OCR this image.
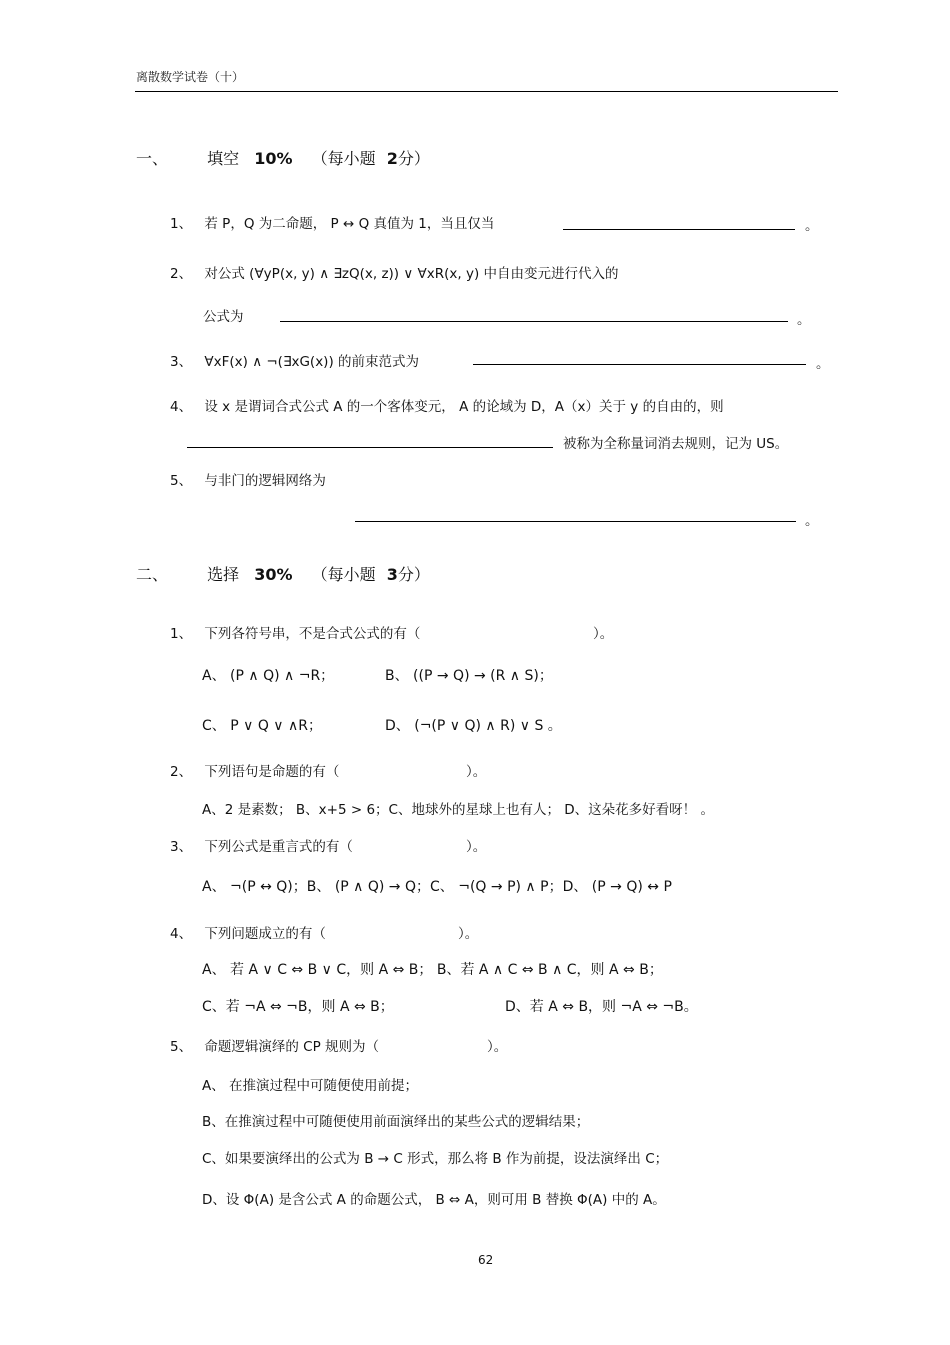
离散数学试卷（十）
一、 填空 10% （每小题 2分）
1、 若 P，Q 为二命题， P ↔ Q 真值为 1，当且仅当	。
2、 对公式 (∀yP(x, y) ∧ ∃zQ(x, z)) ∨ ∀xR(x, y) 中自由变元进行代入的
公式为	。
3、 ∀xF(x) ∧ ¬(∃xG(x)) 的前束范式为	。
4、 设 x 是谓词合式公式 A 的一个客体变元， A 的论域为 D，A（x）关于 y 的自由的，则
被称为全称量词消去规则，记为 US。
5、 与非门的逻辑网络为
。
二、 选择 30% （每小题 3分）
1、 下列各符号串，不是合式公式的有（	）。
A、 (P ∧ Q) ∧ ¬R；	B、 ((P → Q) → (R ∧ S)；
C、 P ∨ Q ∨ ∧R；	D、 (¬(P ∨ Q) ∧ R) ∨ S 。
2、 下列语句是命题的有（	）。
A、2 是素数； B、x+5 > 6；C、地球外的星球上也有人； D、这朵花多好看呀！ 。
3、 下列公式是重言式的有（	）。
A、 ¬(P ↔ Q)；B、 (P ∧ Q) → Q；C、 ¬(Q → P) ∧ P；D、 (P → Q) ↔ P
4、 下列问题成立的有（	）。
A、 若 A ∨ C ⇔ B ∨ C，则 A ⇔ B； B、若 A ∧ C ⇔ B ∧ C，则 A ⇔ B；
C、若 ¬A ⇔ ¬B，则 A ⇔ B；	D、若 A ⇔ B，则 ¬A ⇔ ¬B。
5、 命题逻辑演绎的 CP 规则为（	）。
A、 在推演过程中可随便使用前提；
B、在推演过程中可随便使用前面演绎出的某些公式的逻辑结果；
C、如果要演绎出的公式为 B → C 形式，那么将 B 作为前提，设法演绎出 C；
D、设 Φ(A) 是含公式 A 的命题公式， B ⇔ A，则可用 B 替换 Φ(A) 中的 A。
62
